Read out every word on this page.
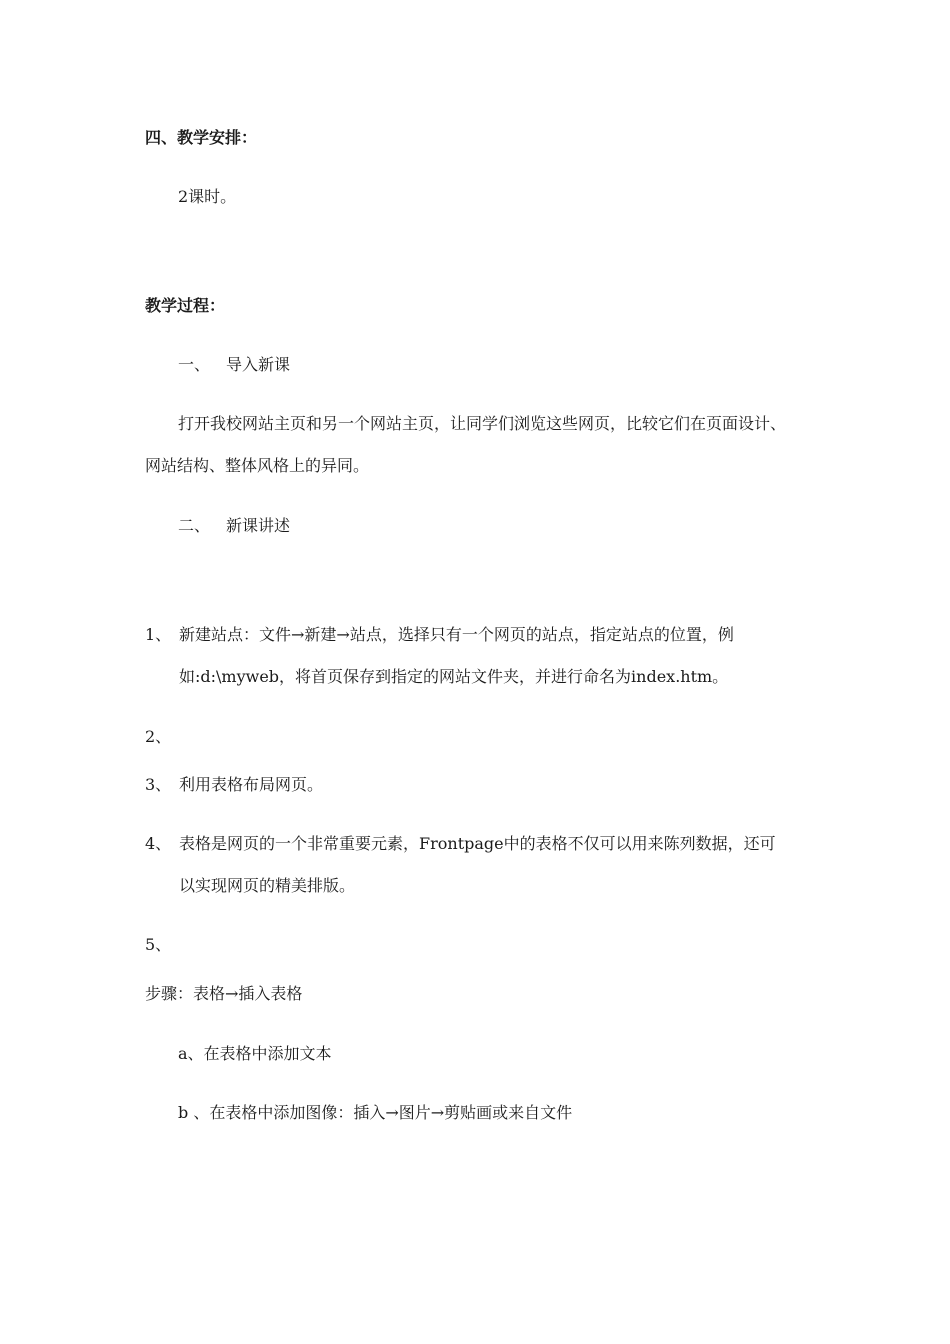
四、教学安排：
2课时。
教学过程：
一、 导入新课
打开我校网站主页和另一个网站主页，让同学们浏览这些网页，比较它们在页面设计、
网站结构、整体风格上的异同。
二、 新课讲述
1、 新建站点：文件→新建→站点，选择只有一个网页的站点，指定站点的位置，例
如:d:\myweb，将首页保存到指定的网站文件夹，并进行命名为index.htm。
2、
3、 利用表格布局网页。
4、 表格是网页的一个非常重要元素，Frontpage中的表格不仅可以用来陈列数据，还可
以实现网页的精美排版。
5、
步骤：表格→插入表格
a、在表格中添加文本
b 、在表格中添加图像：插入→图片→剪贴画或来自文件
